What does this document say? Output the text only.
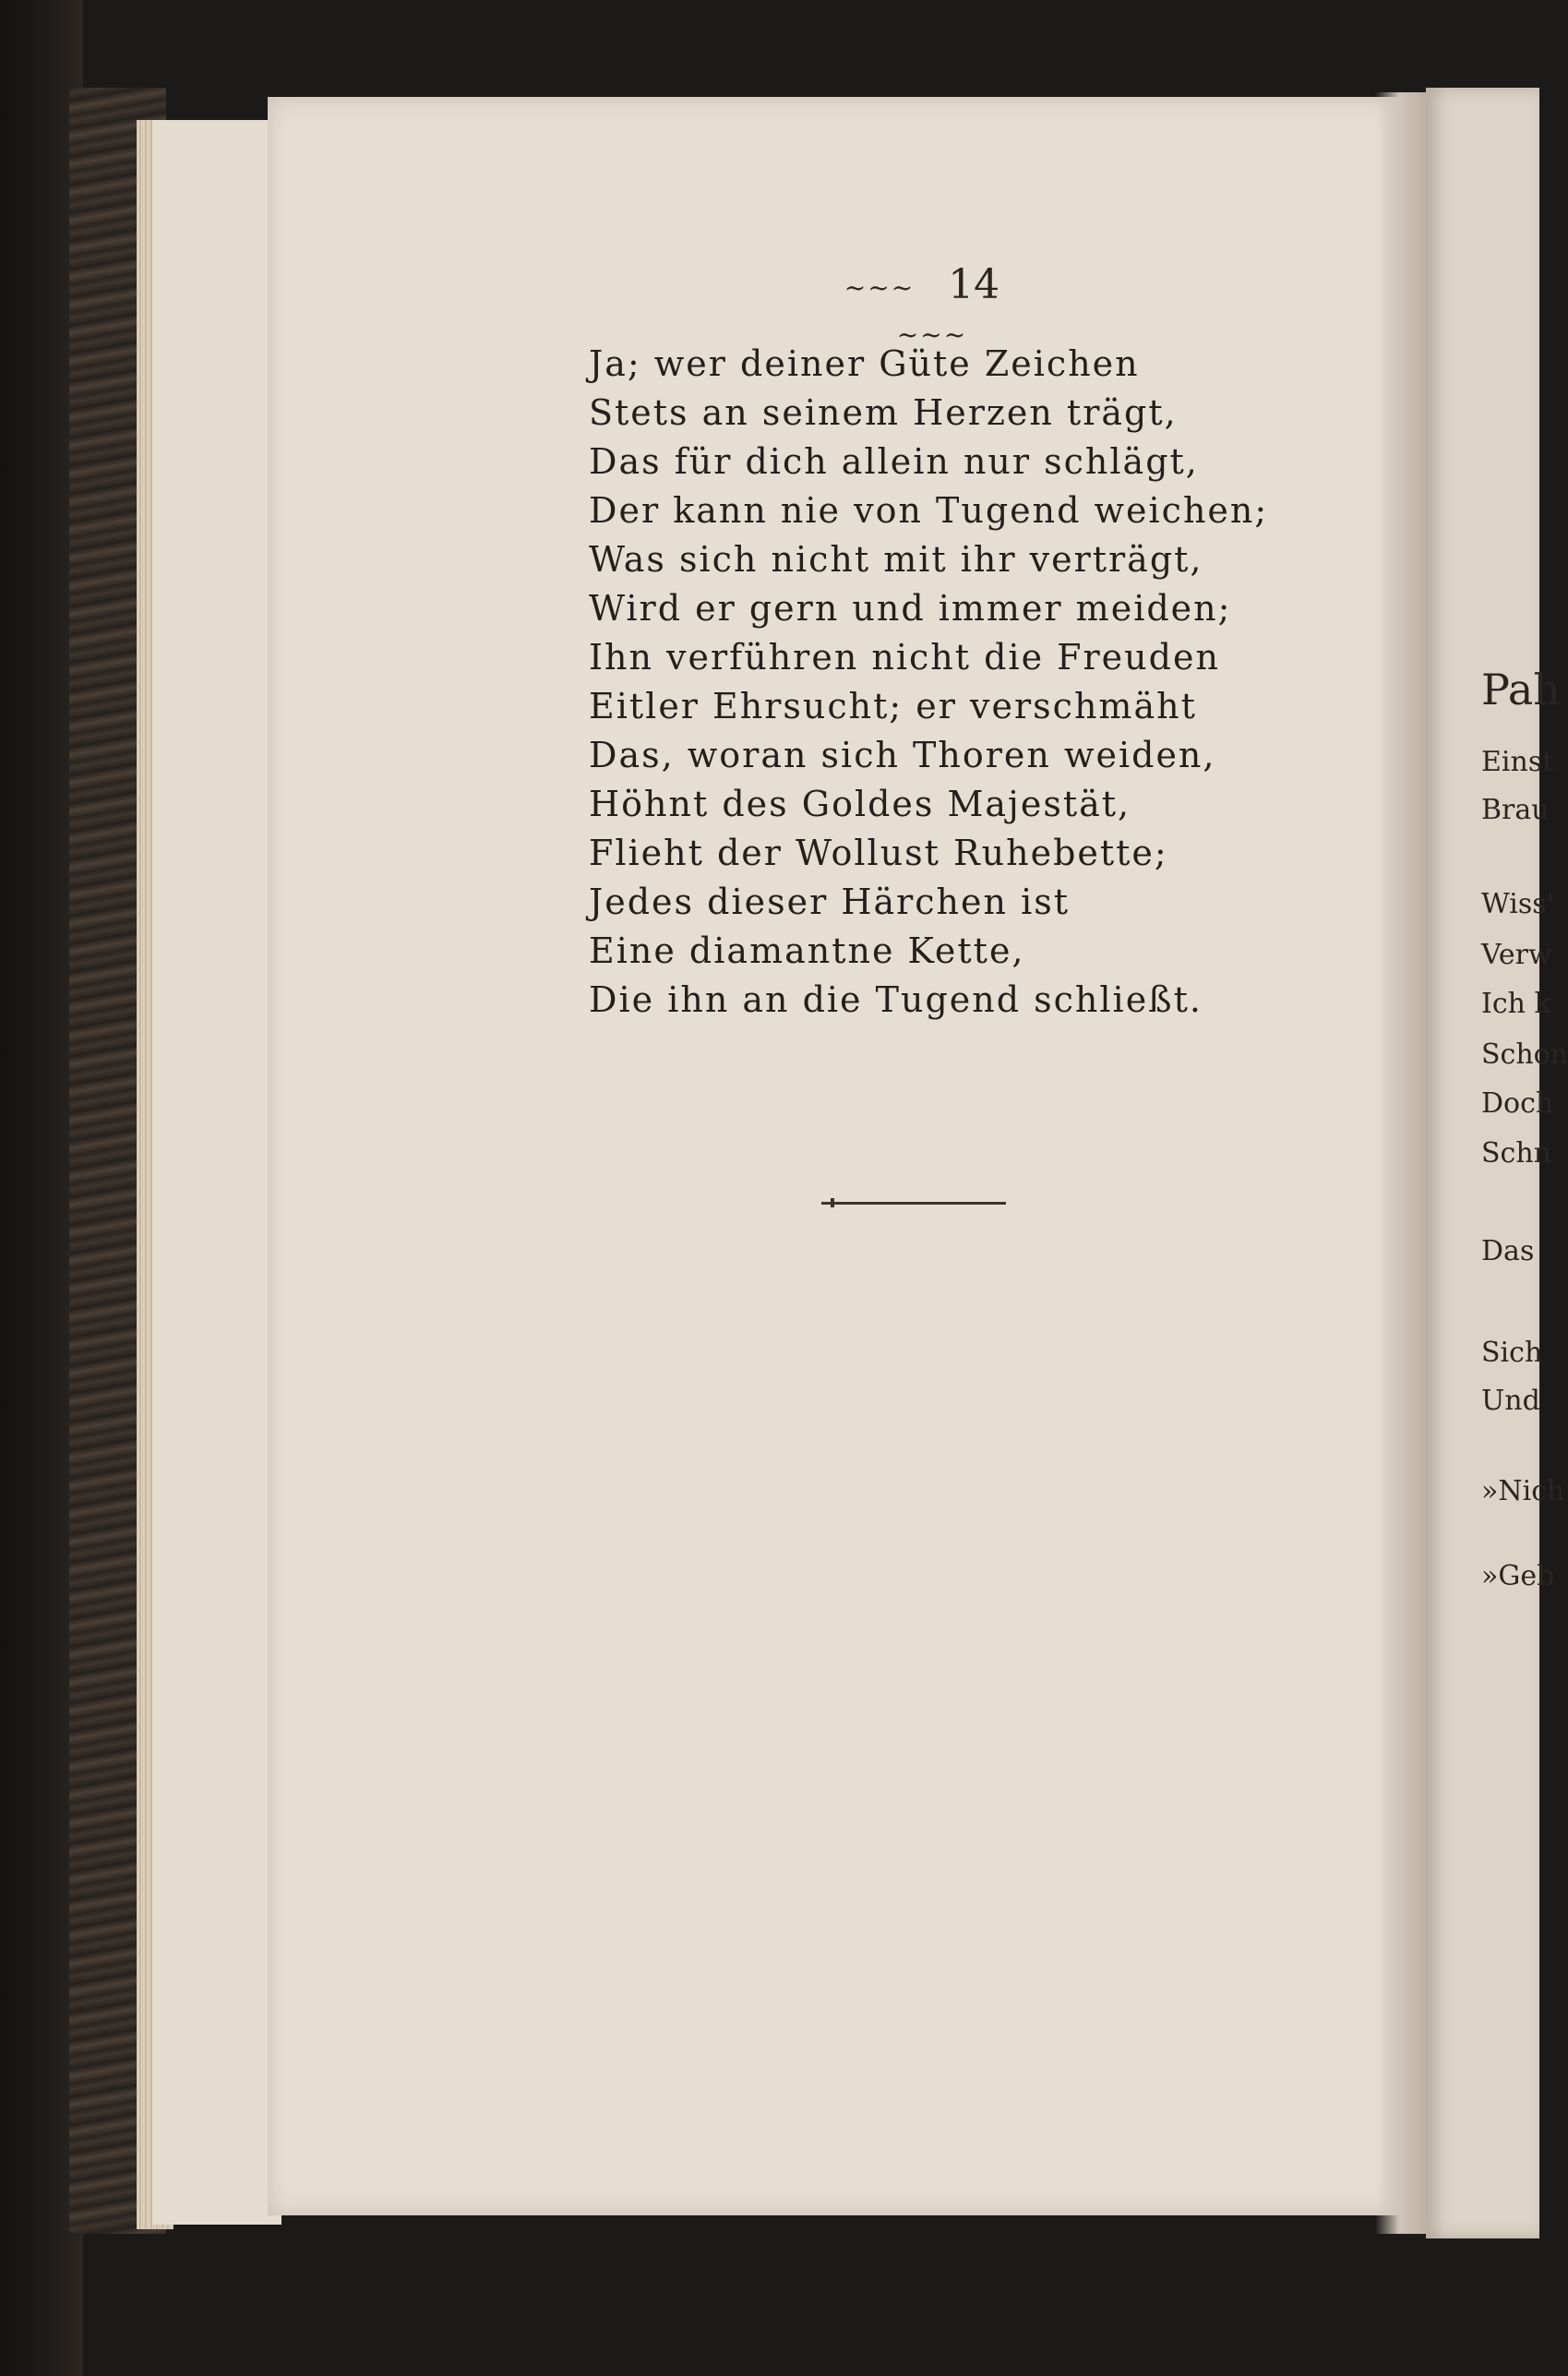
~~~ 14 ~~~
Ja; wer deiner Güte Zeichen
Stets an seinem Herzen trägt,
Das für dich allein nur schlägt,
Der kann nie von Tugend weichen;
Was sich nicht mit ihr verträgt,
Wird er gern und immer meiden;
Ihn verführen nicht die Freuden
Eitler Ehrsucht; er verschmäht
Das, woran sich Thoren weiden,
Höhnt des Goldes Majestät,
Flieht der Wollust Ruhebette;
Jedes dieser Härchen ist
Eine diamantne Kette,
Die ihn an die Tugend schließt.
Pah
Einst
Brau
Wiss'
Verw
Ich k
Schon
Doch
Schn
Das
Sich
Und
»Nich
»Geb
